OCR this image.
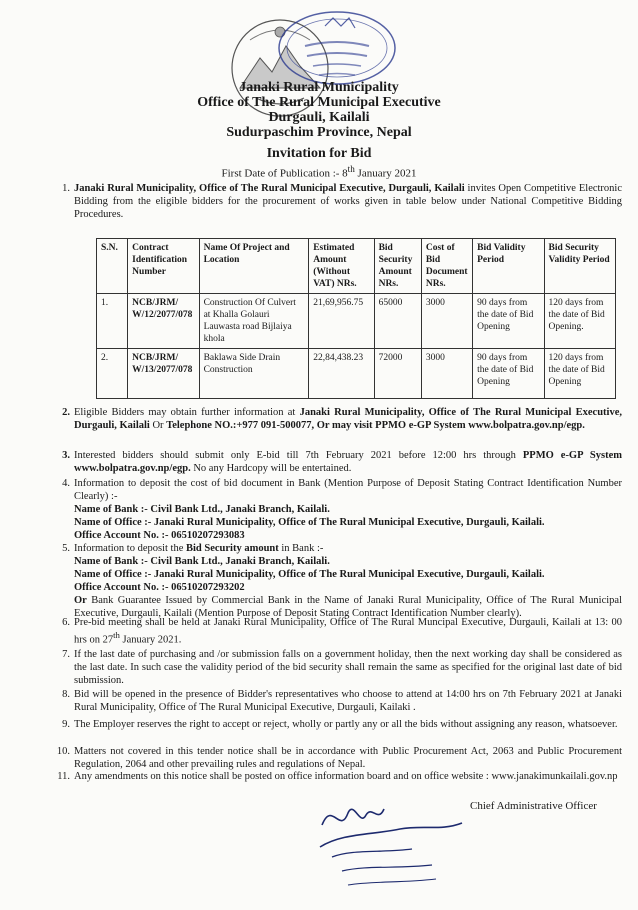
Janaki Rural Municipality
Office of The Rural Municipal Executive
Durgauli, Kailali
Sudurpaschim Province, Nepal
Invitation for Bid
First Date of Publication :- 8th January 2021
1. Janaki Rural Municipality, Office of The Rural Municipal Executive, Durgauli, Kailali invites Open Competitive Electronic Bidding from the eligible bidders for the procurement of works given in table below under National Competitive Bidding Procedures.
S.N.	Contract Identification Number	Name Of Project and Location	Estimated Amount (Without VAT) NRs.	Bid Security Amount NRs.	Cost of Bid Document NRs.	Bid Validity Period	Bid Security Validity Period
1.	NCB/JRM/ W/12/2077/078	Construction Of Culvert at Khalla Golauri Lauwasta road Bijlaiya khola	21,69,956.75	65000	3000	90 days from the date of Bid Opening	120 days from the date of Bid Opening.
2.	NCB/JRM/ W/13/2077/078	Baklawa Side Drain Construction	22,84,438.23	72000	3000	90 days from the date of Bid Opening	120 days from the date of Bid Opening
2. Eligible Bidders may obtain further information at Janaki Rural Municipality, Office of The Rural Municipal Executive, Durgauli, Kailali Or Telephone NO.:+977 091-500077, Or may visit PPMO e-GP System www.bolpatra.gov.np/egp.
3. Interested bidders should submit only E-bid till 7th February 2021 before 12:00 hrs through PPMO e-GP System www.bolpatra.gov.np/egp. No any Hardcopy will be entertained.
4. Information to deposit the cost of bid document in Bank (Mention Purpose of Deposit Stating Contract Identification Number Clearly) :-
Name of Bank :- Civil Bank Ltd., Janaki Branch, Kailali.
Name of Office :- Janaki Rural Municipality, Office of The Rural Municipal Executive, Durgauli, Kailali.
Office Account No. :- 06510207293083
5. Information to deposit the Bid Security amount in Bank :-
Name of Bank :- Civil Bank Ltd., Janaki Branch, Kailali.
Name of Office :- Janaki Rural Municipality, Office of The Rural Municipal Executive, Durgauli, Kailali.
Office Account No. :- 06510207293202
Or Bank Guarantee Issued by Commercial Bank in the Name of Janaki Rural Municipality, Office of The Rural Municipal Executive, Durgauli, Kailali (Mention Purpose of Deposit Stating Contract Identification Number clearly).
6. Pre-bid meeting shall be held at Janaki Rural Municipality, Office of The Rural Muncipal Executive, Durgauli, Kailali at 13: 00 hrs on 27th January 2021.
7. If the last date of purchasing and /or submission falls on a government holiday, then the next working day shall be considered as the last date. In such case the validity period of the bid security shall remain the same as specified for the original last date of bid submission.
8. Bid will be opened in the presence of Bidder's representatives who choose to attend at 14:00 hrs on 7th February 2021 at Janaki Rural Municipality, Office of The Rural Municipal Executive, Durgauli, Kailaki .
9. The Employer reserves the right to accept or reject, wholly or partly any or all the bids without assigning any reason, whatsoever.
10. Matters not covered in this tender notice shall be in accordance with Public Procurement Act, 2063 and Public Procurement Regulation, 2064 and other prevailing rules and regulations of Nepal.
11. Any amendments on this notice shall be posted on office information board and on office website : www.janakimunkailali.gov.np
Chief Administrative Officer
